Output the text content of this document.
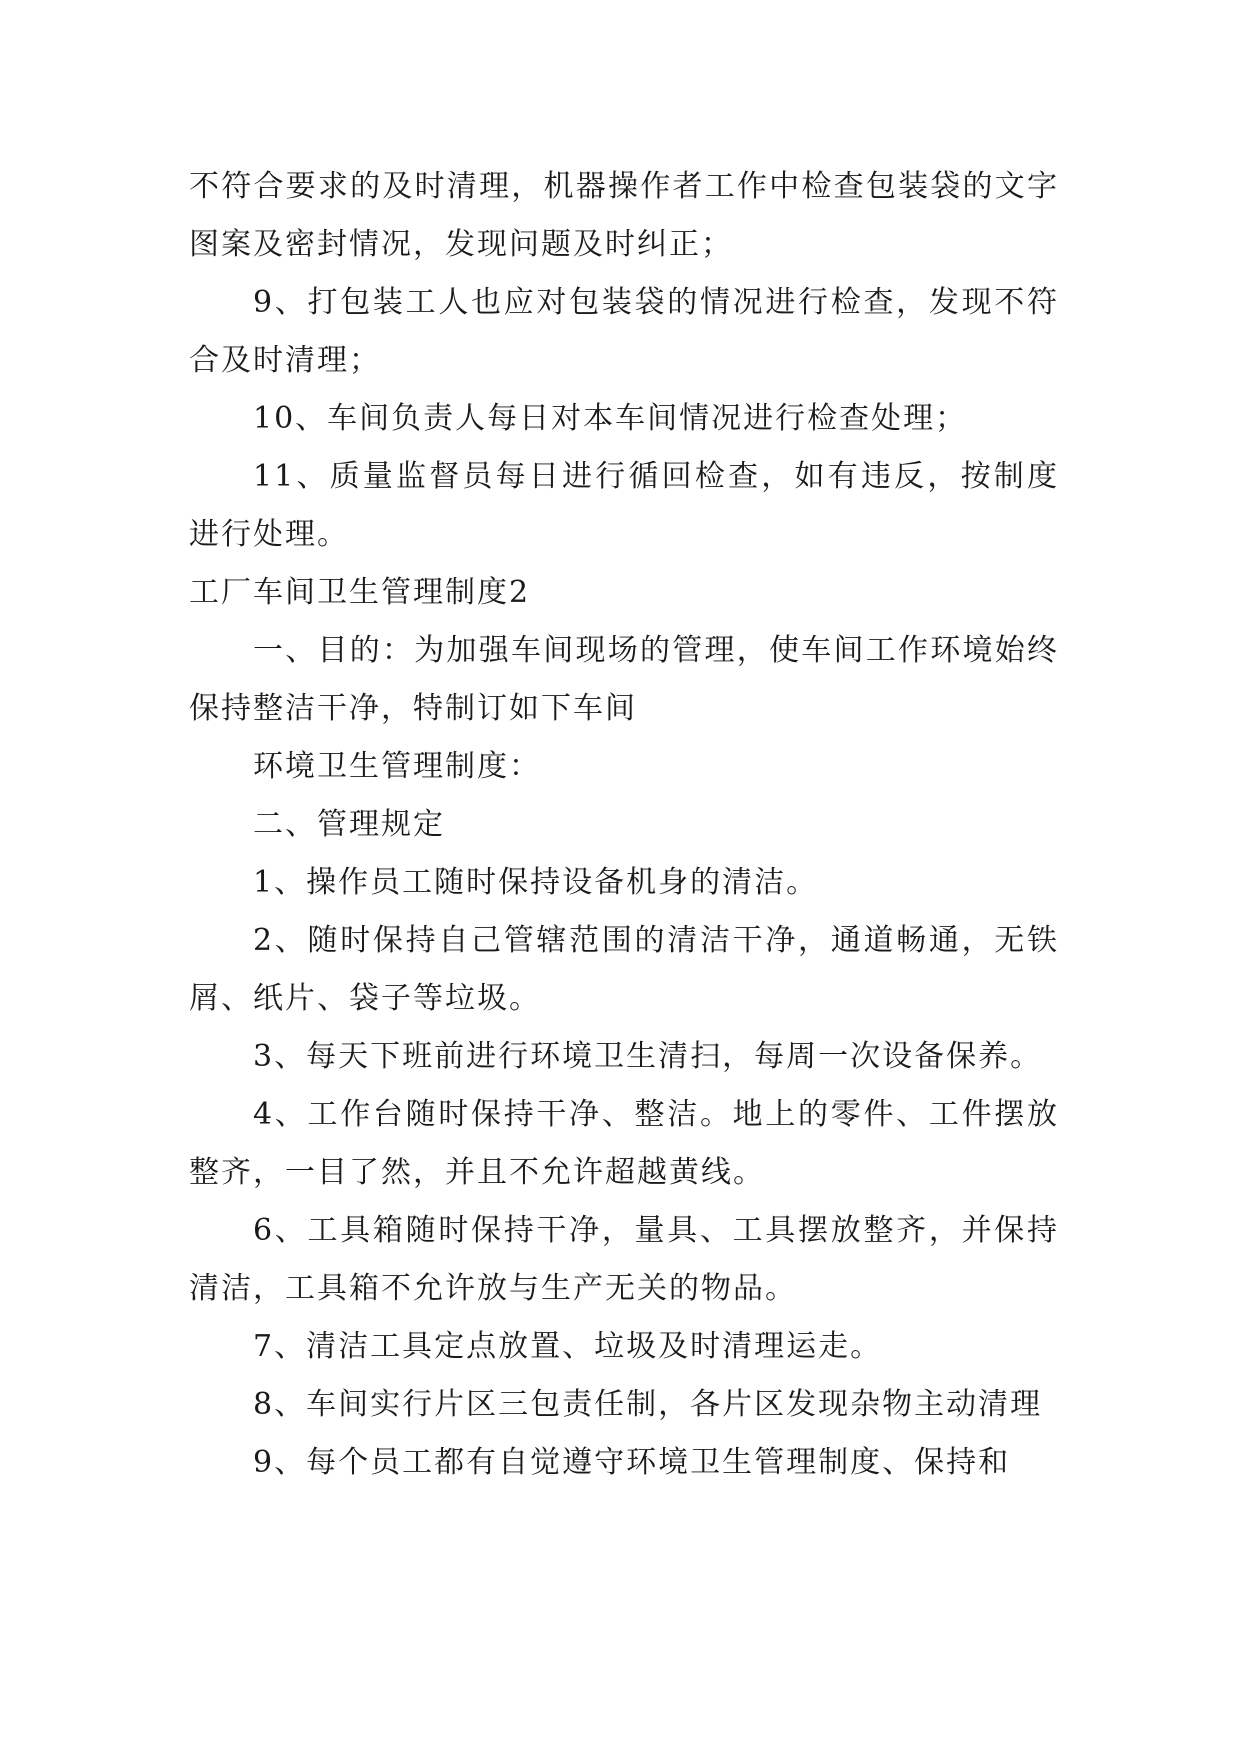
不符合要求的及时清理，机器操作者工作中检查包装袋的文字图案及密封情况，发现问题及时纠正；

9、打包装工人也应对包装袋的情况进行检查，发现不符合及时清理；

10、车间负责人每日对本车间情况进行检查处理；

11、质量监督员每日进行循回检查，如有违反，按制度进行处理。

工厂车间卫生管理制度2

一、目的：为加强车间现场的管理，使车间工作环境始终保持整洁干净，特制订如下车间

环境卫生管理制度：

二、管理规定

1、操作员工随时保持设备机身的清洁。

2、随时保持自己管辖范围的清洁干净，通道畅通，无铁屑、纸片、袋子等垃圾。

3、每天下班前进行环境卫生清扫，每周一次设备保养。

4、工作台随时保持干净、整洁。地上的零件、工件摆放整齐，一目了然，并且不允许超越黄线。

6、工具箱随时保持干净，量具、工具摆放整齐，并保持清洁，工具箱不允许放与生产无关的物品。

7、清洁工具定点放置、垃圾及时清理运走。

8、车间实行片区三包责任制，各片区发现杂物主动清理

9、每个员工都有自觉遵守环境卫生管理制度、保持和
